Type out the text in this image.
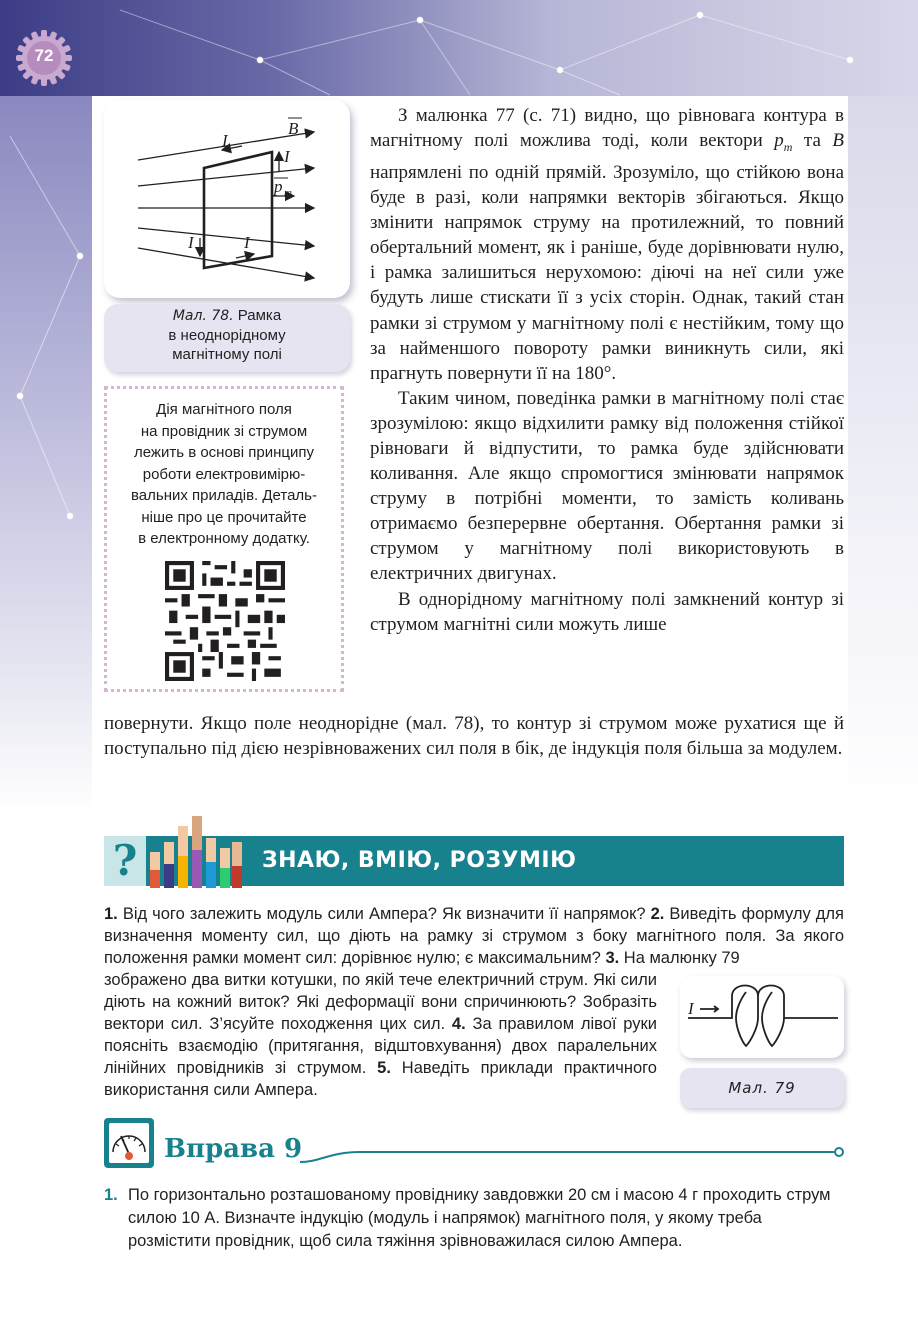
72
B
I
I
I	I
p m
Мал. 78. Рамка
в неоднорідному
магнітному полі
Дія магнітного поля
на провідник зі струмом
лежить в основі принципу
роботи електровимірю-
вальних приладів. Деталь-
ніше про це прочитайте
в електронному додатку.

З малюнка 77 (с. 71) видно, що рівновага контура в магнітному полі можлива тоді, коли вектори $p_m$ та B напрямлені по одній прямій. Зрозуміло, що стійкою вона буде в разі, коли напрямки векторів збігаються. Якщо змінити напрямок струму на протилежний, то повний обертальний момент, як і раніше, буде дорівнювати нулю, і рамка залишиться нерухомою: діючі на неї сили уже будуть лише стискати її з усіх сторін. Однак, такий стан рамки зі струмом у магнітному полі є нестійким, тому що за найменшого повороту рамки виникнуть сили, які прагнуть повернути її на 180°.

Таким чином, поведінка рамки в магнітному полі стає зрозумілою: якщо відхилити рамку від положення стійкої рівноваги й відпустити, то рамка буде здійснювати коливання. Але якщо спромогтися змінювати напрямок струму в потрібні моменти, то замість коливань отримаємо безперервне обертання. Обертання рамки зі струмом у магнітному полі використовують в електричних двигунах.

В однорідному магнітному полі замкнений контур зі струмом магнітні сили можуть лише

повернути. Якщо поле неоднорідне (мал. 78), то контур зі струмом може рухатися ще й поступально під дією незрівноважених сил поля в бік, де індукція поля більша за модулем.
?	ЗНАЮ, ВМІЮ, РОЗУМІЮ
1. Від чого залежить модуль сили Ампера? Як визначити її напрямок? 2. Виведіть формулу для визначення моменту сил, що діють на рамку зі струмом з боку магнітного поля. За якого положення рамки момент сил: дорівнює нулю; є максимальним? 3. На малюнку 79
зображено два витки котушки, по якій тече електричний струм. Які сили діють на кожний виток? Які деформації вони спричинюють? Зобразіть вектори сил. З’ясуйте походження цих сил. 4. За правилом лівої руки поясніть взаємодію (притягання, відштовхування) двох паралельних лінійних провідників зі струмом. 5. Наведіть приклади практичного використання сили Ампера.
I
Мал. 79
Вправа 9
1. По горизонтально розташованому провіднику завдовжки 20 см і масою 4 г проходить струм силою 10 А. Визначте індукцію (модуль і напрямок) магнітного поля, у якому треба розмістити провідник, щоб сила тяжіння зрівноважилася силою Ампера.
